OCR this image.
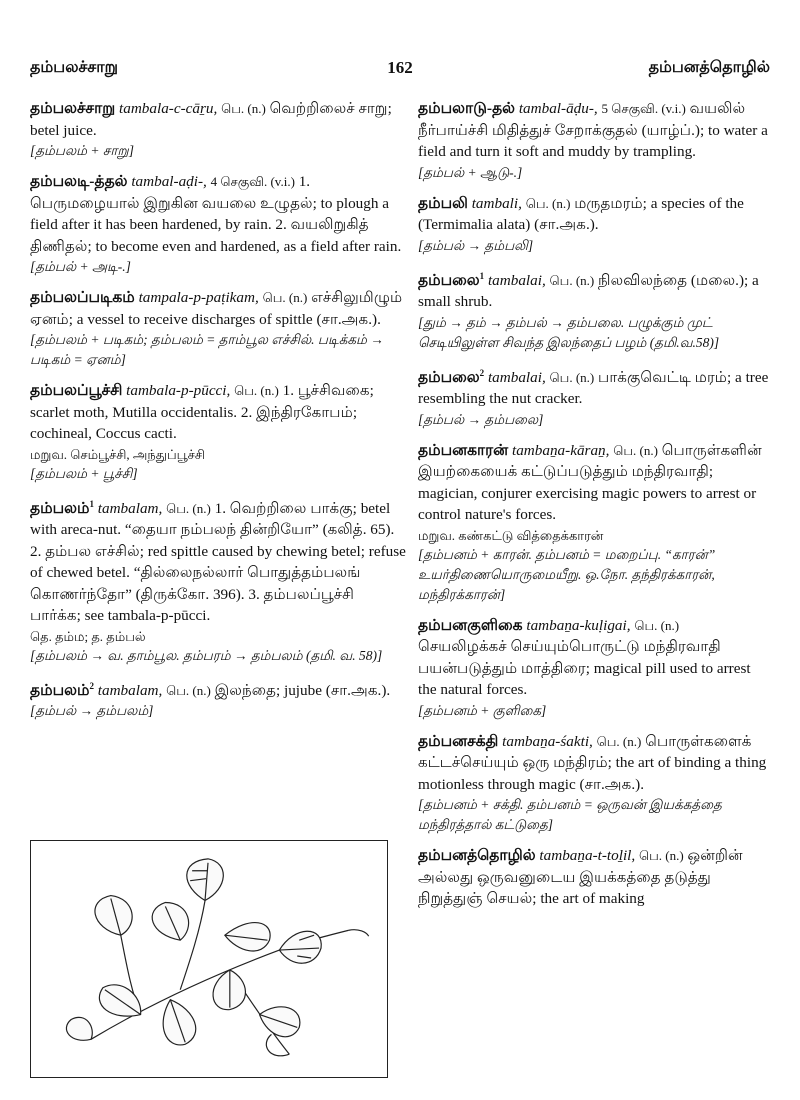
தம்பலச்சாறு	162	தம்பனத்தொழில்

தம்பலச்சாறு tambala-c-cāṟu, பெ. (n.) வெற்றிலைச் சாறு; betel juice.

[தம்பலம் + சாறு]

தம்பலடி-த்தல் tambal-aḍi-, 4 செகுவி. (v.i.) 1. பெருமழையால் இறுகின வயலை உழுதல்; to plough a field after it has been hardened, by rain. 2. வயலிறுகித் திணிதல்; to become even and hardened, as a field after rain.

[தம்பல் + அடி-.]

தம்பலப்படிகம் tampala-p-paṭikam, பெ. (n.) எச்சிலுமிழும் ஏனம்; a vessel to receive discharges of spittle (சா.அக.).

[தம்பலம் + படிகம்; தம்பலம் = தாம்பூல எச்சில். படிக்கம் → படிகம் = ஏனம்]

தம்பலப்பூச்சி tambala-p-pūcci, பெ. (n.) 1. பூச்சிவகை; scarlet moth, Mutilla occidentalis. 2. இந்திரகோபம்; cochineal, Coccus cacti.

மறுவ. செம்பூச்சி, அந்துப்பூச்சி

[தம்பலம் + பூச்சி]

தம்பலம்$^1$ tambalam, பெ. (n.) 1. வெற்றிலை பாக்கு; betel with areca-nut. “தையா நம்பலந் தின்றியோ” (கலித். 65). 2. தம்பல எச்சில்; red spittle caused by chewing betel; refuse of chewed betel. “தில்லைநல்லார் பொதுத்தம்பலங் கொணர்ந்தோ” (திருக்கோ. 396). 3. தம்பலப்பூச்சி பார்க்க; see tambala-p-pūcci.

தெ. தம்ம; த. தம்பல்

[தம்பலம் → வ. தாம்பூல. தம்பரம் → தம்பலம் (தமி. வ. 58)]

தம்பலம்$^2$ tambalam, பெ. (n.) இலந்தை; jujube (சா.அக.).

[தம்பல் → தம்பலம்]

தம்பலாடு-தல் tambal-āḍu-, 5 செகுவி. (v.i.) வயலில் நீர்பாய்ச்சி மிதித்துச் சேறாக்குதல் (யாழ்ப்.); to water a field and turn it soft and muddy by trampling.

[தம்பல் + ஆடு-.]

தம்பலி tambali, பெ. (n.) மருதமரம்; a species of the (Termimalia alata) (சா.அக.).

[தம்பல் → தம்பலி]

தம்பலை$^1$ tambalai, பெ. (n.) நிலவிலந்தை (மலை.); a small shrub.

[தும் → தம் → தம்பல் → தம்பலை. பழுக்கும் முட் செடியிலுள்ள சிவந்த இலந்தைப் பழம் (தமி.வ.58)]

தம்பலை$^2$ tambalai, பெ. (n.) பாக்குவெட்டி மரம்; a tree resembling the nut cracker.

[தம்பல் → தம்பலை]

தம்பனகாரன் tambaṉa-kāraṉ, பெ. (n.) பொருள்களின் இயற்கையைக் கட்டுப்படுத்தும் மந்திரவாதி; magician, conjurer exercising magic powers to arrest or control nature's forces.

மறுவ. கண்கட்டு வித்தைக்காரன்

[தம்பனம் + காரன். தம்பனம் = மறைப்பு. “காரன்” உயர்திணையொருமையீறு. ஒ.நோ. தந்திரக்காரன், மந்திரக்காரன்]

தம்பனகுளிகை tambaṉa-kuḷigai, பெ. (n.) செயலிழக்கச் செய்யும்பொருட்டு மந்திரவாதி பயன்படுத்தும் மாத்திரை; magical pill used to arrest the natural forces.

[தம்பனம் + குளிகை]

தம்பனசக்தி tambaṉa-śakti, பெ. (n.) பொருள்களைக் கட்டச்செய்யும் ஒரு மந்திரம்; the art of binding a thing motionless through magic (சா.அக.).

[தம்பனம் + சக்தி. தம்பனம் = ஒருவன் இயக்கத்தை மந்திரத்தால் கட்டுதை]

தம்பனத்தொழில் tambaṉa-t-toḻil, பெ. (n.) ஒன்றின் அல்லது ஒருவனுடைய இயக்கத்தை தடுத்து நிறுத்துஞ் செயல்; the art of making
